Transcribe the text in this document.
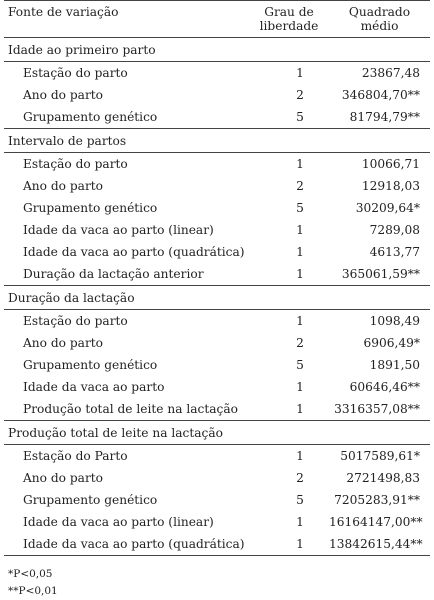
Fonte de variação	Grau de liberdade	Quadrado médio
Idade ao primeiro parto		
Estação do parto	1	23867,48
Ano do parto	2	346804,70**
Grupamento genético	5	81794,79**
Intervalo de partos		
Estação do parto	1	10066,71
Ano do parto	2	12918,03
Grupamento genético	5	30209,64*
Idade da vaca ao parto (linear)	1	7289,08
Idade da vaca ao parto (quadrática)	1	4613,77
Duração da lactação anterior	1	365061,59**
Duração da lactação		
Estação do parto	1	1098,49
Ano do parto	2	6906,49*
Grupamento genético	5	1891,50
Idade da vaca ao parto	1	60646,46**
Produção total de leite na lactação	1	3316357,08**
Produção total de leite na lactação		
Estação do Parto	1	5017589,61*
Ano do parto	2	2721498,83
Grupamento genético	5	7205283,91**
Idade da vaca ao parto (linear)	1	16164147,00**
Idade da vaca ao parto (quadrática)	1	13842615,44**
*P<0,05
**P<0,01
